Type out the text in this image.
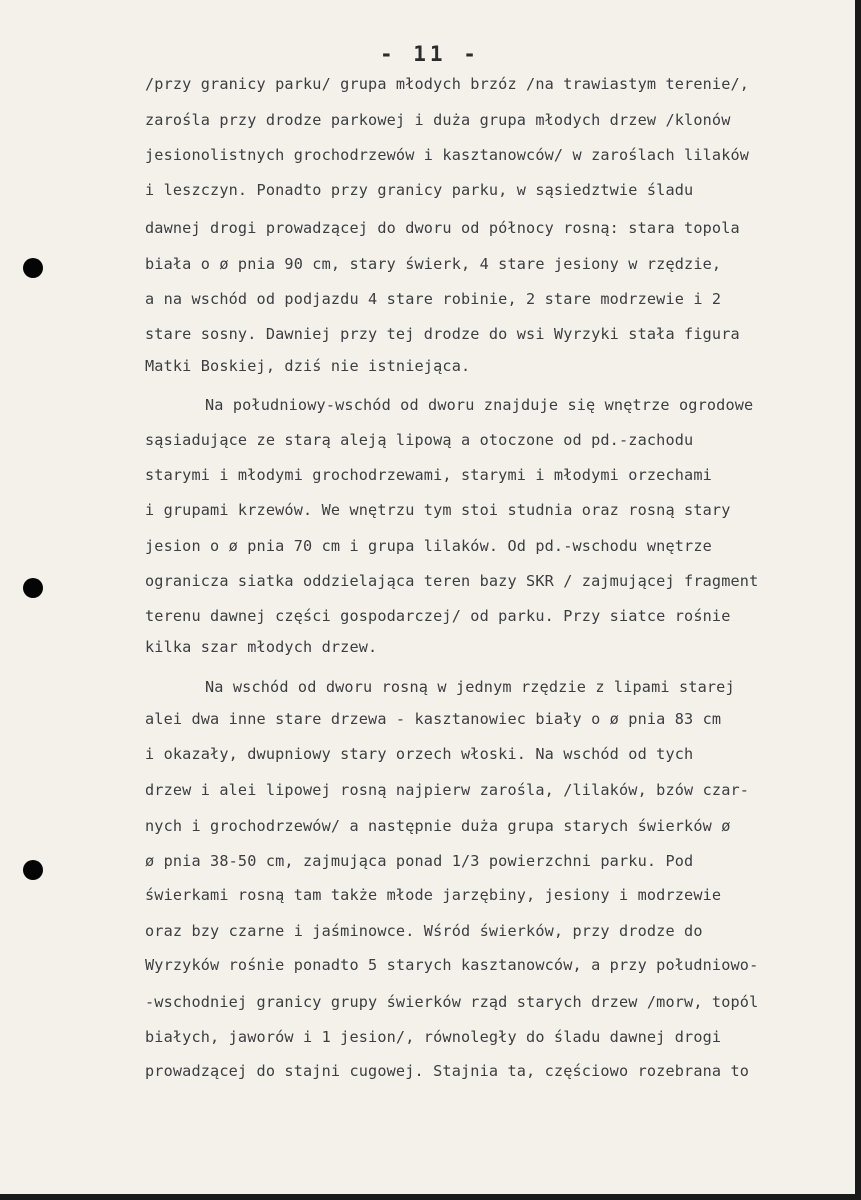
- 11 -
/przy granicy parku/ grupa młodych brzóz /na trawiastym terenie/,
zarośla przy drodze parkowej i duża grupa młodych drzew /klonów
jesionolistnych grochodrzewów i kasztanowców/ w zaroślach lilaków
i leszczyn. Ponadto przy granicy parku, w sąsiedztwie śladu
dawnej drogi prowadzącej do dworu od północy rosną: stara topola
biała o ø pnia 90 cm, stary świerk, 4 stare jesiony w rzędzie,
a na wschód od podjazdu 4 stare robinie, 2 stare modrzewie i 2
stare sosny. Dawniej przy tej drodze do wsi Wyrzyki stała figura
Matki Boskiej, dziś nie istniejąca.
Na południowy-wschód od dworu znajduje się wnętrze ogrodowe
sąsiadujące ze starą aleją lipową a otoczone od pd.-zachodu
starymi i młodymi grochodrzewami, starymi i młodymi orzechami
i grupami krzewów. We wnętrzu tym stoi studnia oraz rosną stary
jesion o ø pnia 70 cm i grupa lilaków. Od pd.-wschodu wnętrze
ogranicza siatka oddzielająca teren bazy SKR / zajmującej fragment
terenu dawnej części gospodarczej/ od parku. Przy siatce rośnie
kilka szar młodych drzew.
Na wschód od dworu rosną w jednym rzędzie z lipami starej
alei dwa inne stare drzewa - kasztanowiec biały o ø pnia 83 cm
i okazały, dwupniowy stary orzech włoski. Na wschód od tych
drzew i alei lipowej rosną najpierw zarośla, /lilaków, bzów czar-
nych i grochodrzewów/ a następnie duża grupa starych świerków ø
ø pnia 38-50 cm, zajmująca ponad 1/3 powierzchni parku. Pod
świerkami rosną tam także młode jarzębiny, jesiony i modrzewie
oraz bzy czarne i jaśminowce. Wśród świerków, przy drodze do
Wyrzyków rośnie ponadto 5 starych kasztanowców, a przy południowo-
-wschodniej granicy grupy świerków rząd starych drzew /morw, topól
białych, jaworów i 1 jesion/, równoległy do śladu dawnej drogi
prowadzącej do stajni cugowej. Stajnia ta, częściowo rozebrana to
